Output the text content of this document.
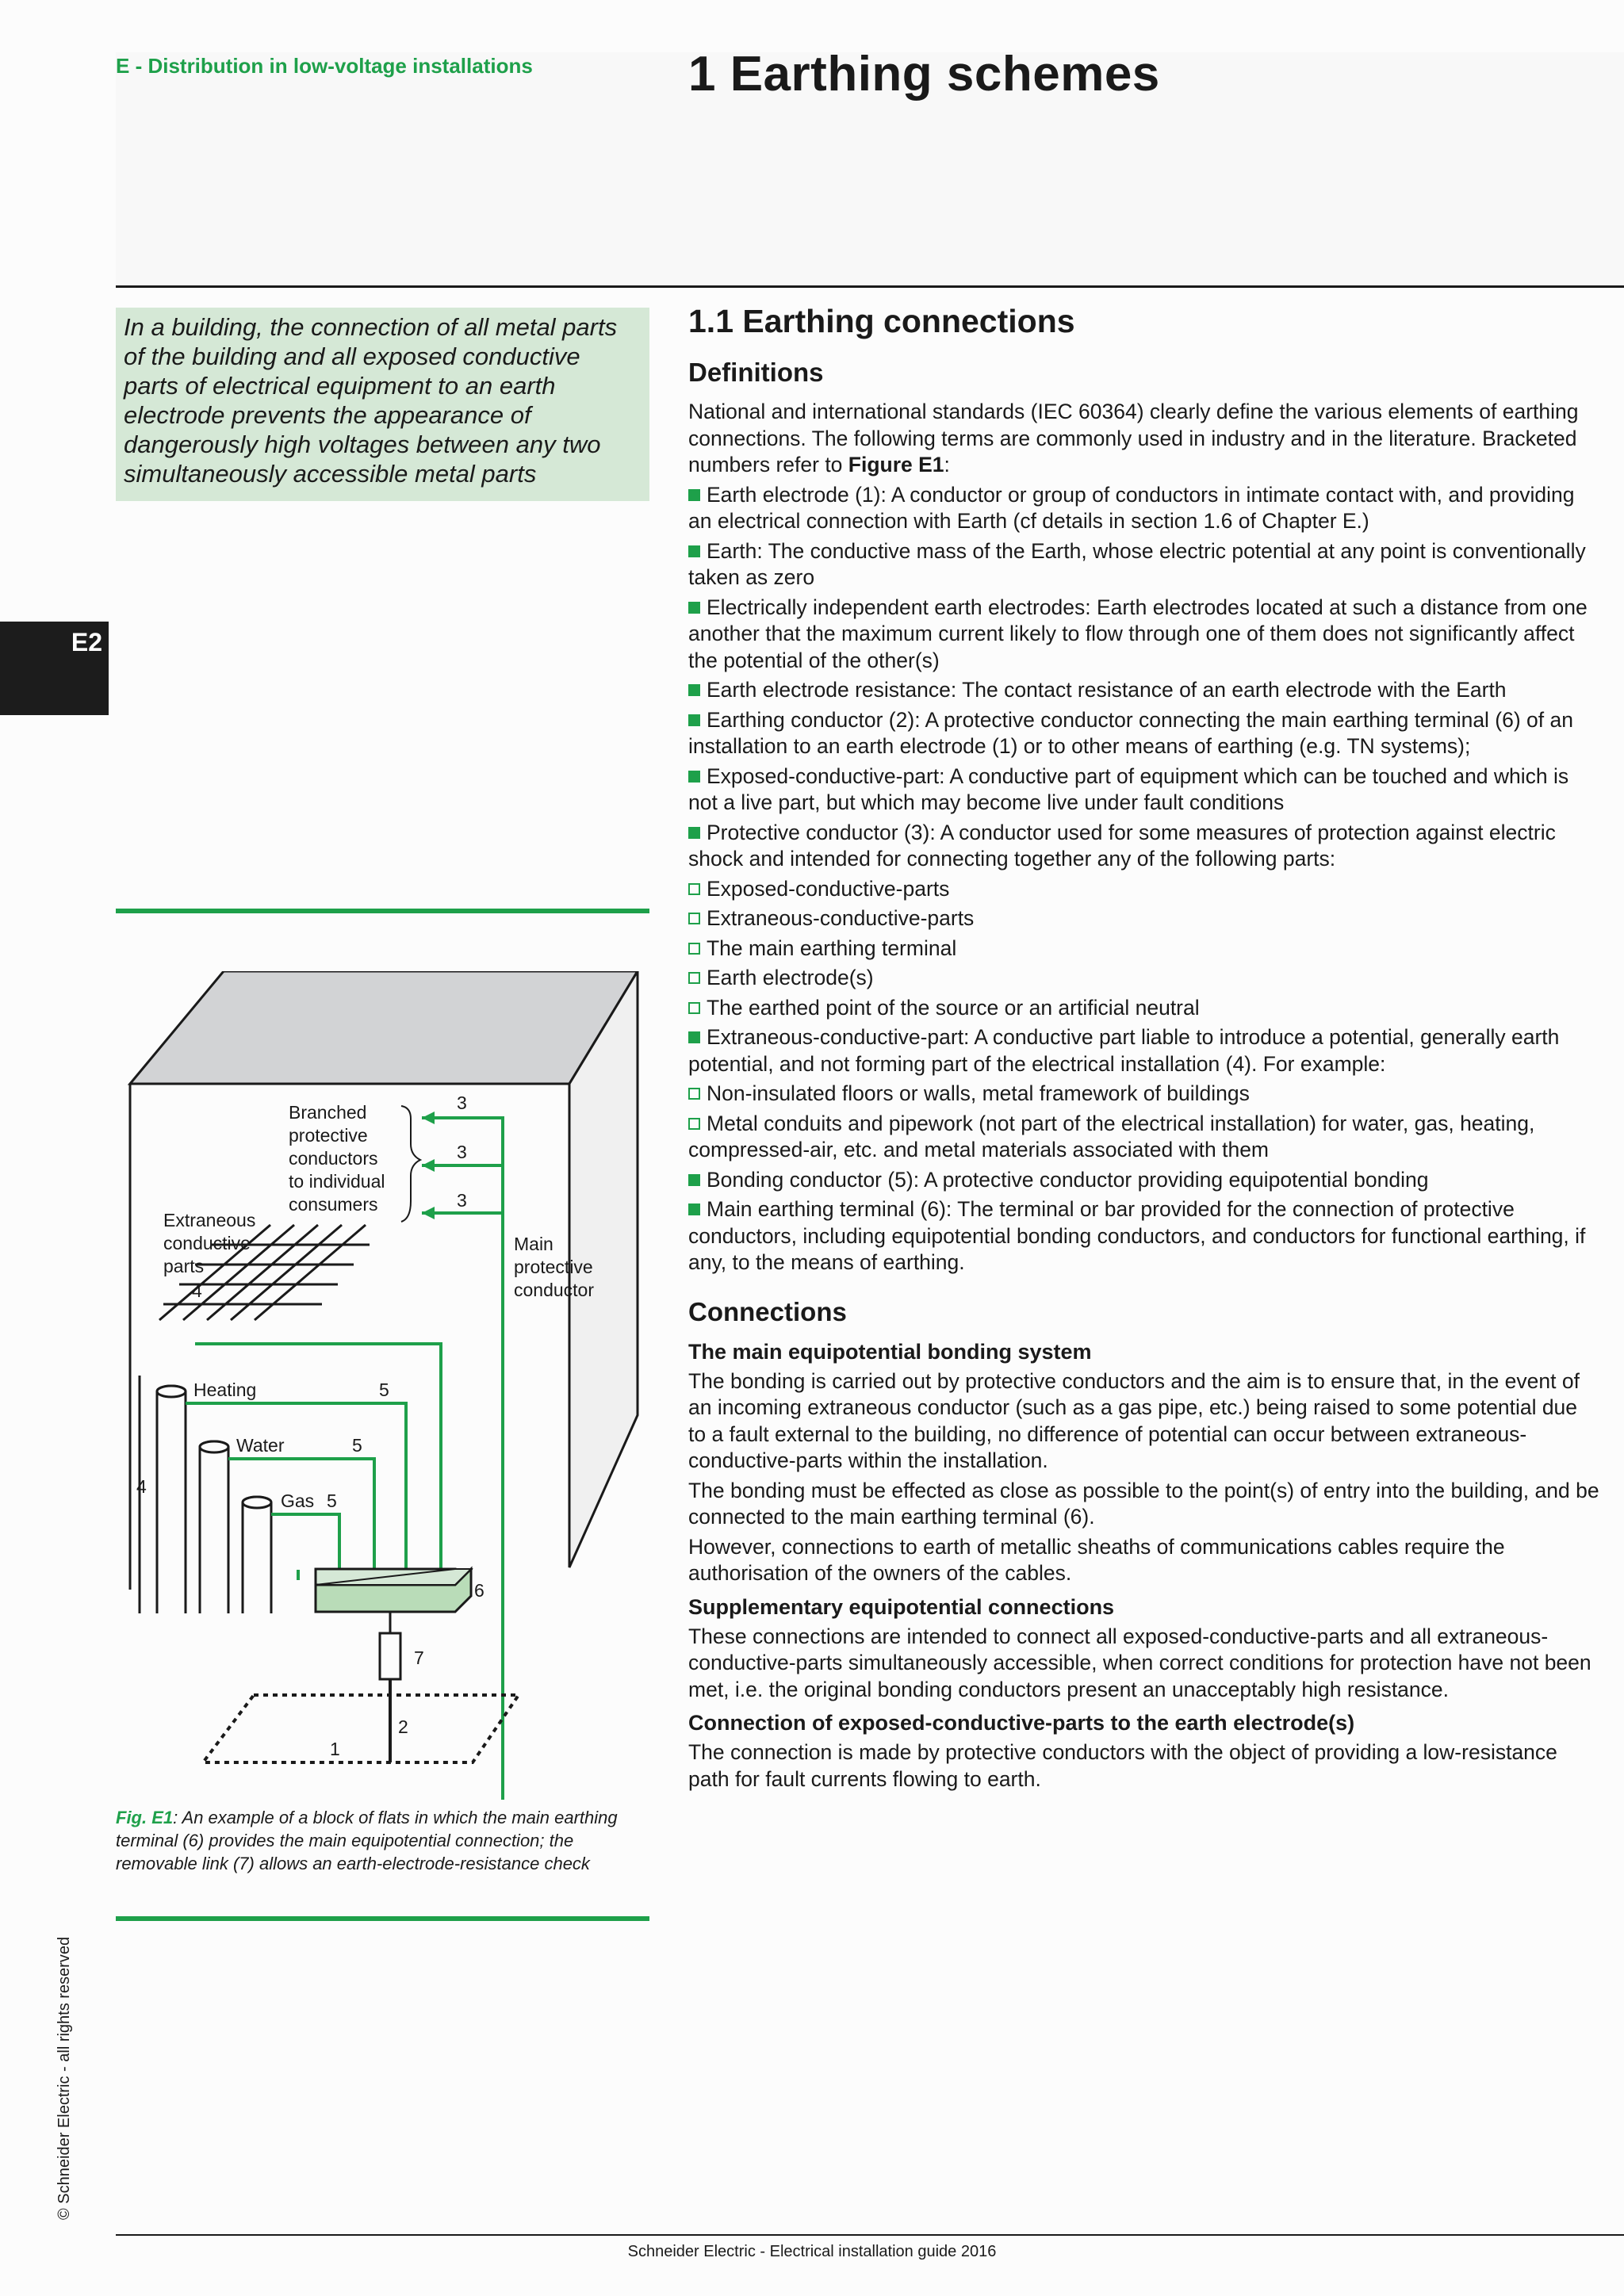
E - Distribution in low-voltage installations	1 Earthing schemes

In a building, the connection of all metal parts of the building and all exposed conductive parts of electrical equipment to an earth electrode prevents the appearance of dangerously high voltages between any two simultaneously accessible metal parts

E2
Branched
protective
conductors
to individual
consumers
Extraneous
conductive
parts
4
Main
protective
conductor
3
3
3
Heating	5
Water	5
Gas 5
4
6
7
2
1
Fig. E1: An example of a block of flats in which the main earthing terminal (6) provides the main equipotential connection; the removable link (7) allows an earth-electrode-resistance check
1.1 Earthing connections
Definitions

National and international standards (IEC 60364) clearly define the various elements of earthing connections. The following terms are commonly used in industry and in the literature. Bracketed numbers refer to Figure E1:

Earth electrode (1): A conductor or group of conductors in intimate contact with, and providing an electrical connection with Earth (cf details in section 1.6 of Chapter E.)

Earth: The conductive mass of the Earth, whose electric potential at any point is conventionally taken as zero

Electrically independent earth electrodes: Earth electrodes located at such a distance from one another that the maximum current likely to flow through one of them does not significantly affect the potential of the other(s)

Earth electrode resistance: The contact resistance of an earth electrode with the Earth

Earthing conductor (2): A protective conductor connecting the main earthing terminal (6) of an installation to an earth electrode (1) or to other means of earthing (e.g. TN systems);

Exposed-conductive-part: A conductive part of equipment which can be touched and which is not a live part, but which may become live under fault conditions

Protective conductor (3): A conductor used for some measures of protection against electric shock and intended for connecting together any of the following parts:

Exposed-conductive-parts

Extraneous-conductive-parts

The main earthing terminal

Earth electrode(s)

The earthed point of the source or an artificial neutral

Extraneous-conductive-part: A conductive part liable to introduce a potential, generally earth potential, and not forming part of the electrical installation (4). For example:

Non-insulated floors or walls, metal framework of buildings

Metal conduits and pipework (not part of the electrical installation) for water, gas, heating, compressed-air, etc. and metal materials associated with them

Bonding conductor (5): A protective conductor providing equipotential bonding

Main earthing terminal (6): The terminal or bar provided for the connection of protective conductors, including equipotential bonding conductors, and conductors for functional earthing, if any, to the means of earthing.

Connections
The main equipotential bonding system

The bonding is carried out by protective conductors and the aim is to ensure that, in the event of an incoming extraneous conductor (such as a gas pipe, etc.) being raised to some potential due to a fault external to the building, no difference of potential can occur between extraneous-conductive-parts within the installation.

The bonding must be effected as close as possible to the point(s) of entry into the building, and be connected to the main earthing terminal (6).

However, connections to earth of metallic sheaths of communications cables require the authorisation of the owners of the cables.

Supplementary equipotential connections

These connections are intended to connect all exposed-conductive-parts and all extraneous-conductive-parts simultaneously accessible, when correct conditions for protection have not been met, i.e. the original bonding conductors present an unacceptably high resistance.

Connection of exposed-conductive-parts to the earth electrode(s)

The connection is made by protective conductors with the object of providing a low-resistance path for fault currents flowing to earth.

© Schneider Electric - all rights reserved
Schneider Electric - Electrical installation guide 2016
